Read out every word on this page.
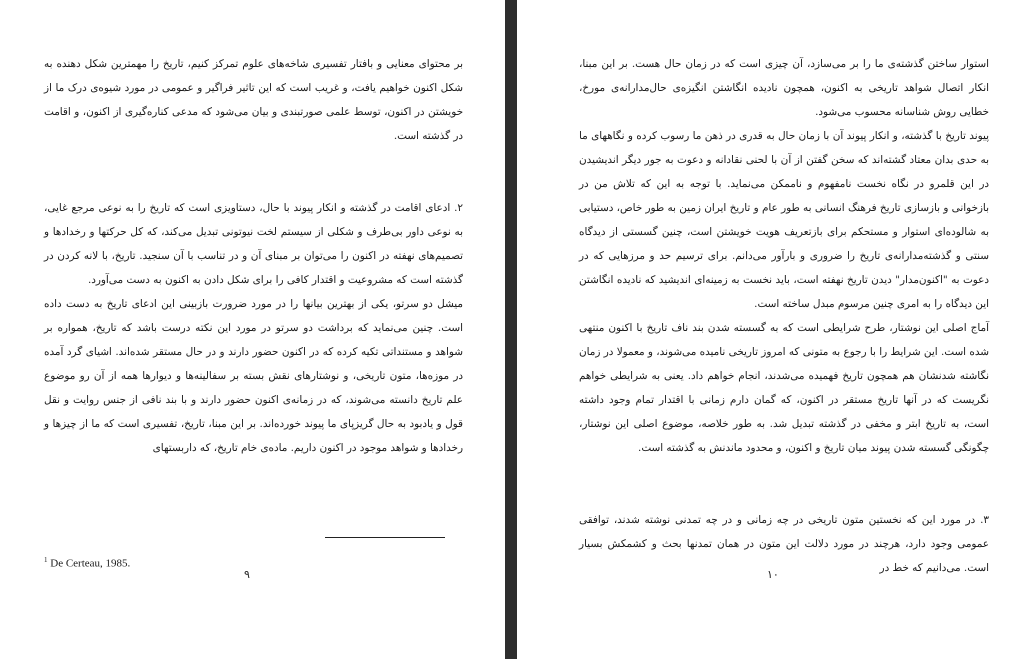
بر محتوای معنایی و بافتار تفسیری شاخه‌های علوم تمرکز کنیم، تاریخ را مهمترین شکل دهنده به شکل اکنون خواهیم یافت، و غریب است که این تاثیر فراگیر و عمومی در مورد شیوه‌ی درک ما از خویشتن در اکنون، توسط علمی صورتبندی و بیان می‌شود که مدعی کناره‌گیری از اکنون، و اقامت در گذشته است.

۲. ادعای اقامت در گذشته و انکار پیوند با حال، دستاویزی است که تاریخ را به نوعی مرجع غایی، به نوعی داور بی‌طرف و شکلی از سیستم لخت نیوتونی تبدیل می‌کند، که کل حرکتها و رخدادها و تصمیم‌های نهفته در اکنون را می‌توان بر مبنای آن و در تناسب با آن سنجید. تاریخ، با لانه کردن در گذشته است که مشروعیت و اقتدار کافی را برای شکل دادن به اکنون به دست می‌آورد.

میشل دو سرتو، یکی از بهترین بیانها را در مورد ضرورت بازبینی این ادعای تاریخ به دست داده است. چنین می‌نماید که برداشت دو سرتو در مورد این نکته درست باشد که تاریخ، همواره بر شواهد و مستنداتی تکیه کرده که در اکنون حضور دارند و در حال مستقر شده‌اند. اشیای گرد آمده در موزه‌ها، متون تاریخی، و نوشتارهای نقش بسته بر سفالینه‌ها و دیوارها همه از آن رو موضوع علم تاریخ دانسته می‌شوند، که در زمانه‌ی اکنون حضور دارند و با بند نافی از جنس روایت و نقل قول و یادبود به حال گریزپای ما پیوند خورده‌اند. بر این مبنا، تاریخ، تفسیری است که ما از چیزها و رخدادها و شواهد موجود در اکنون داریم. ماده‌ی خام تاریخ، که داربستهای

$^1$ De Certeau, 1985.
۹

استوار ساختن گذشته‌ی ما را بر می‌سازد، آن چیزی است که در زمان حال هست. بر این مبنا، انکار اتصال شواهد تاریخی به اکنون، همچون نادیده انگاشتن انگیزه‌ی حال‌مدارانه‌ی مورخ، خطایی روش شناسانه محسوب می‌شود.

پیوند تاریخ با گذشته، و انکار پیوند آن با زمان حال به قدری در ذهن ما رسوب کرده و نگاههای ما به حدی بدان معتاد گشته‌اند که سخن گفتن از آن با لحنی نقادانه و دعوت به جور دیگر اندیشیدن در این قلمرو در نگاه نخست نامفهوم و ناممکن می‌نماید. با توجه به این که تلاش من در بازخوانی و بازسازی تاریخ فرهنگ انسانی به طور عام و تاریخ ایران زمین به طور خاص، دستیابی به شالوده‌ای استوار و مستحکم برای بازتعریف هویت خویشتن است، چنین گسستی از دیدگاه سنتی و گذشته‌مدارانه‌ی تاریخ را ضروری و بارآور می‌دانم. برای ترسیم حد و مرزهایی که در دعوت به "اکنون‌مدار" دیدن تاریخ نهفته است، باید نخست به زمینه‌ای اندیشید که نادیده انگاشتن این دیدگاه را به امری چنین مرسوم مبدل ساخته است.

آماج اصلی این نوشتار، طرح شرایطی است که به گسسته شدن بند ناف تاریخ با اکنون منتهی شده است. این شرایط را با رجوع به متونی که امروز تاریخی نامیده می‌شوند، و معمولا در زمان نگاشته شدنشان هم همچون تاریخ فهمیده می‌شدند، انجام خواهم داد. یعنی به شرایطی خواهم نگریست که در آنها تاریخ مستقر در اکنون، که گمان دارم زمانی با اقتدار تمام وجود داشته است، به تاریخ ابتر و مخفی در گذشته تبدیل شد. به طور خلاصه، موضوع اصلی این نوشتار، چگونگی گسسته شدن پیوند میان تاریخ و اکنون، و محدود ماندنش به گذشته است.

۳. در مورد این که نخستین متون تاریخی در چه زمانی و در چه تمدنی نوشته شدند، توافقی عمومی وجود دارد، هرچند در مورد دلالت این متون در همان تمدنها بحث و کشمکش بسیار است. می‌دانیم که خط در

۱۰
